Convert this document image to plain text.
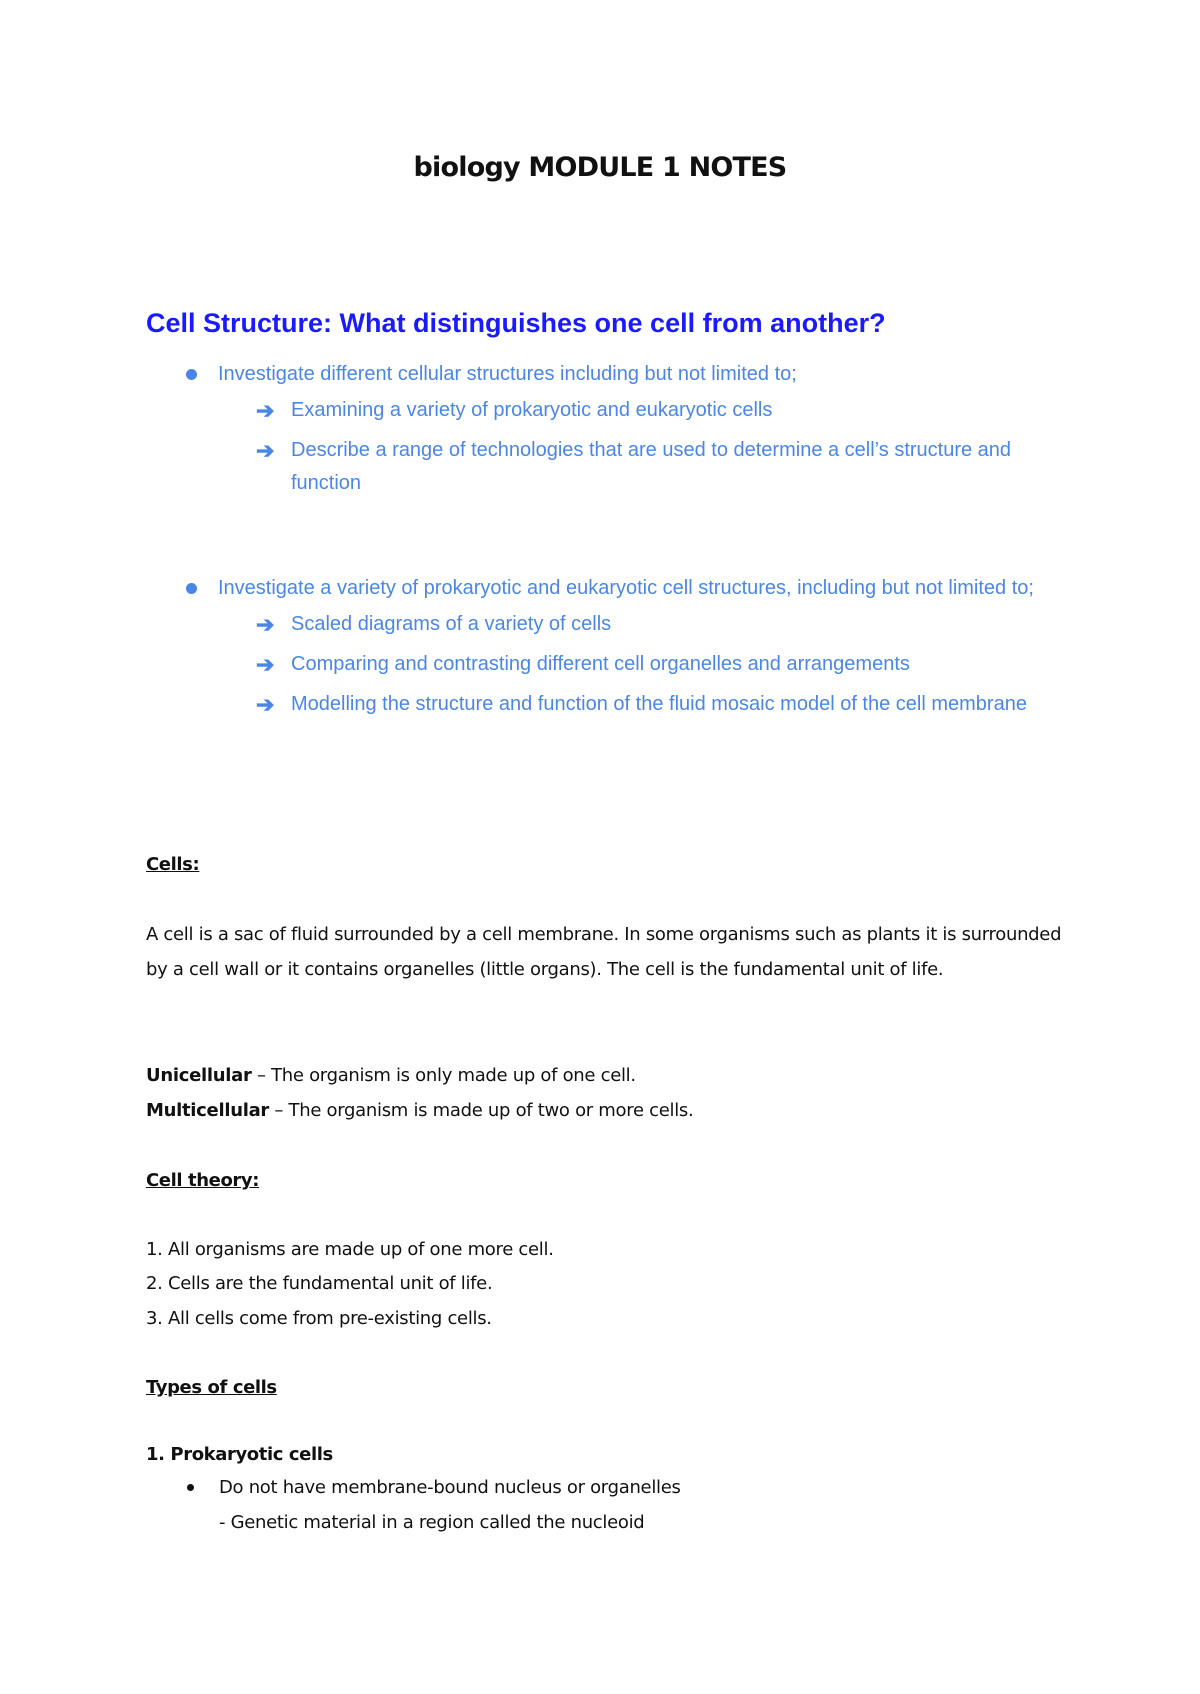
biology MODULE 1 NOTES
Cell Structure: What distinguishes one cell from another?
Investigate different cellular structures including but not limited to;
➔ Examining a variety of prokaryotic and eukaryotic cells
➔ Describe a range of technologies that are used to determine a cell’s structure and function
Investigate a variety of prokaryotic and eukaryotic cell structures, including but not limited to;
➔ Scaled diagrams of a variety of cells
➔ Comparing and contrasting different cell organelles and arrangements
➔ Modelling the structure and function of the fluid mosaic model of the cell membrane
Cells:
A cell is a sac of fluid surrounded by a cell membrane. In some organisms such as plants it is surrounded by a cell wall or it contains organelles (little organs). The cell is the fundamental unit of life.
Unicellular – The organism is only made up of one cell.
Multicellular – The organism is made up of two or more cells.
Cell theory:
1. All organisms are made up of one more cell.
2. Cells are the fundamental unit of life.
3. All cells come from pre-existing cells.
Types of cells
1. Prokaryotic cells
Do not have membrane-bound nucleus or organelles
- Genetic material in a region called the nucleoid
